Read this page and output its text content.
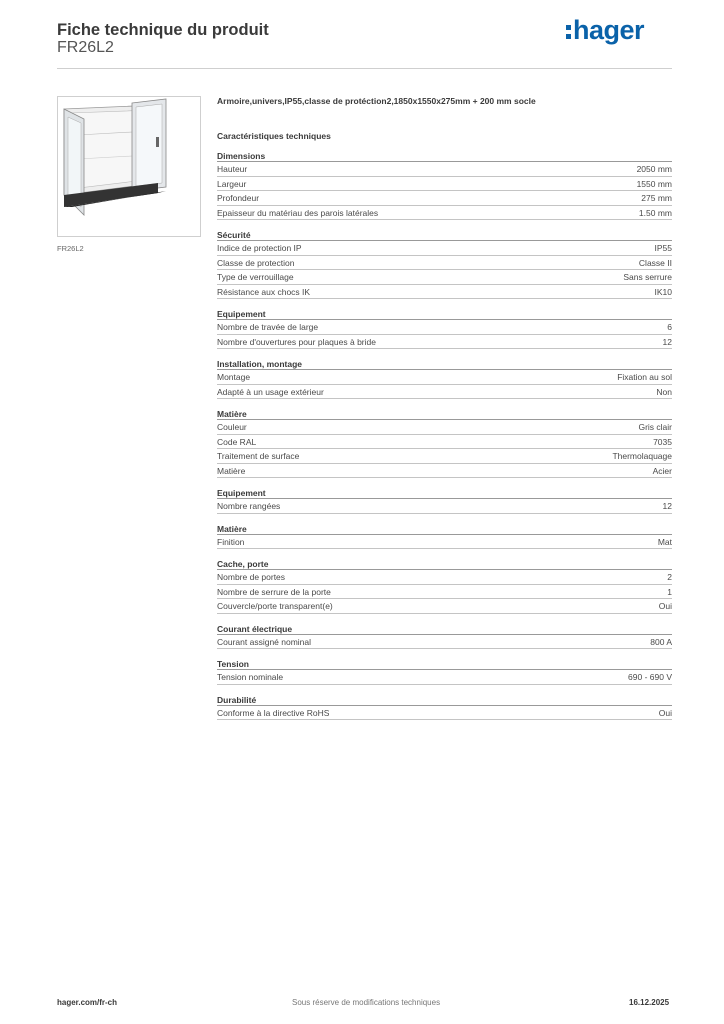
Fiche technique du produit
FR26L2
hager
FR26L2
Armoire,univers,IP55,classe de protéction2,1850x1550x275mm + 200 mm socle
Caractéristiques techniques
Dimensions
Hauteur	2050 mm
Largeur	1550 mm
Profondeur	275 mm
Epaisseur du matériau des parois latérales	1.50 mm
Sécurité
Indice de protection IP	IP55
Classe de protection	Classe II
Type de verrouillage	Sans serrure
Résistance aux chocs IK	IK10
Equipement
Nombre de travée de large	6
Nombre d'ouvertures pour plaques à bride	12
Installation, montage
Montage	Fixation au sol
Adapté à un usage extérieur	Non
Matière
Couleur	Gris clair
Code RAL	7035
Traitement de surface	Thermolaquage
Matière	Acier
Equipement
Nombre rangées	12
Matière
Finition	Mat
Cache, porte
Nombre de portes	2
Nombre de serrure de la porte	1
Couvercle/porte transparent(e)	Oui
Courant électrique
Courant assigné nominal	800 A
Tension
Tension nominale	690 - 690 V
Durabilité
Conforme à la directive RoHS	Oui
hager.com/fr-ch	Sous réserve de modifications techniques	16.12.2025
